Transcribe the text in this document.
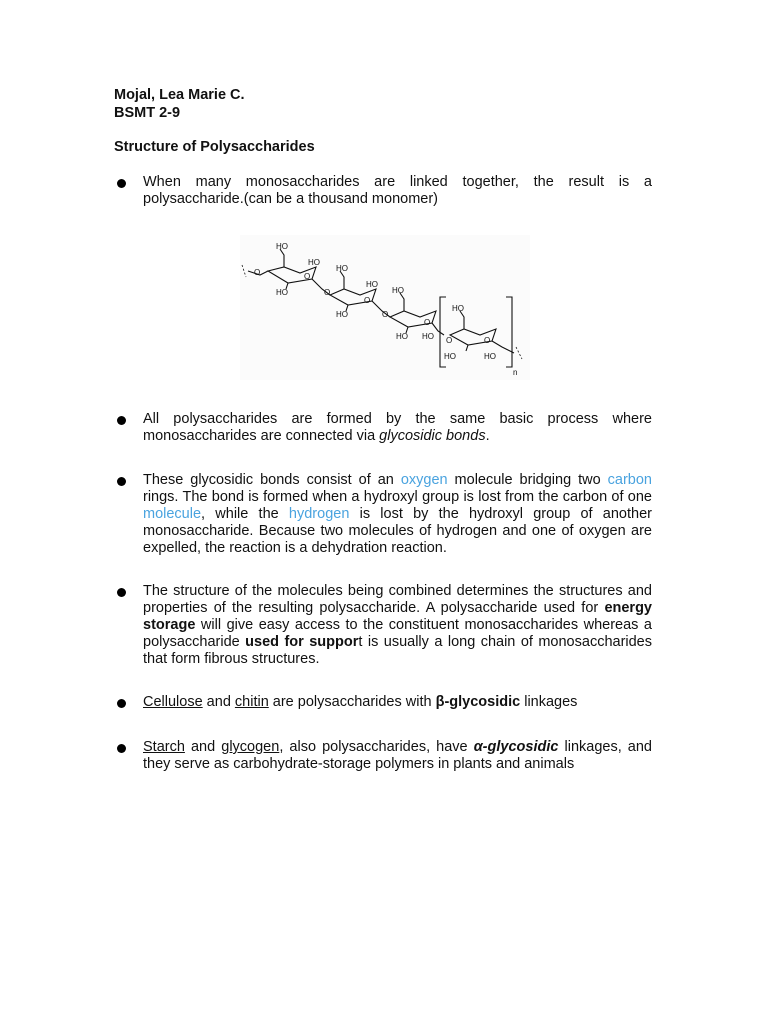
Mojal, Lea Marie C.
BSMT 2-9
Structure of Polysaccharides
When many monosaccharides are linked together, the result is a polysaccharide.(can be a thousand monomer)
HO
HO
O	O
HO
HO
O
HO
O
HO
HO
O
HO
O
HO
HO
O
HO
O
HO
n
All polysaccharides are formed by the same basic process where monosaccharides are connected via glycosidic bonds.
These glycosidic bonds consist of an oxygen molecule bridging two carbon rings. The bond is formed when a hydroxyl group is lost from the carbon of one molecule, while the hydrogen is lost by the hydroxyl group of another monosaccharide. Because two molecules of hydrogen and one of oxygen are expelled, the reaction is a dehydration reaction.
The structure of the molecules being combined determines the structures and properties of the resulting polysaccharide. A polysaccharide used for energy storage will give easy access to the constituent monosaccharides whereas a polysaccharide used for support is usually a long chain of monosaccharides that form fibrous structures.
Cellulose and chitin are polysaccharides with β-glycosidic linkages
Starch and glycogen, also polysaccharides, have α-glycosidic linkages, and they serve as carbohydrate-storage polymers in plants and animals
